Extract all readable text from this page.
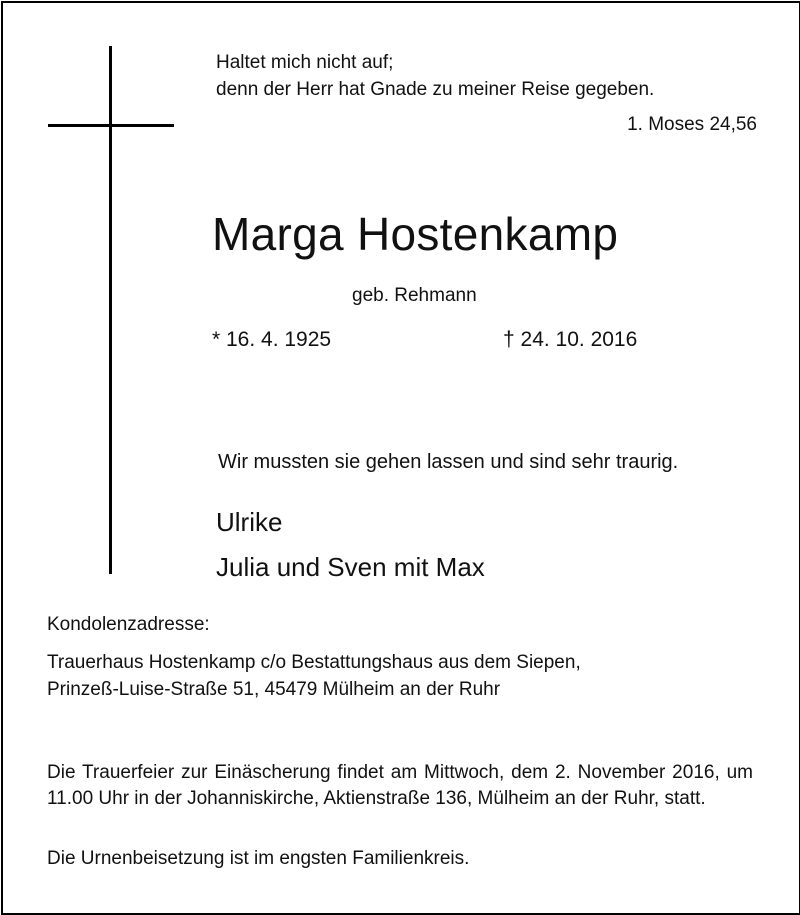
Haltet mich nicht auf;
denn der Herr hat Gnade zu meiner Reise gegeben.
1. Moses 24,56
Marga Hostenkamp
geb. Rehmann
* 16. 4. 1925	† 24. 10. 2016
Wir mussten sie gehen lassen und sind sehr traurig.
Ulrike
Julia und Sven mit Max
Kondolenzadresse:
Trauerhaus Hostenkamp c/o Bestattungshaus aus dem Siepen,
Prinzeß-Luise-Straße 51, 45479 Mülheim an der Ruhr
Die Trauerfeier zur Einäscherung findet am Mittwoch, dem 2. November 2016, um 11.00 Uhr in der Johanniskirche, Aktienstraße 136, Mülheim an der Ruhr, statt.
Die Urnenbeisetzung ist im engsten Familienkreis.
